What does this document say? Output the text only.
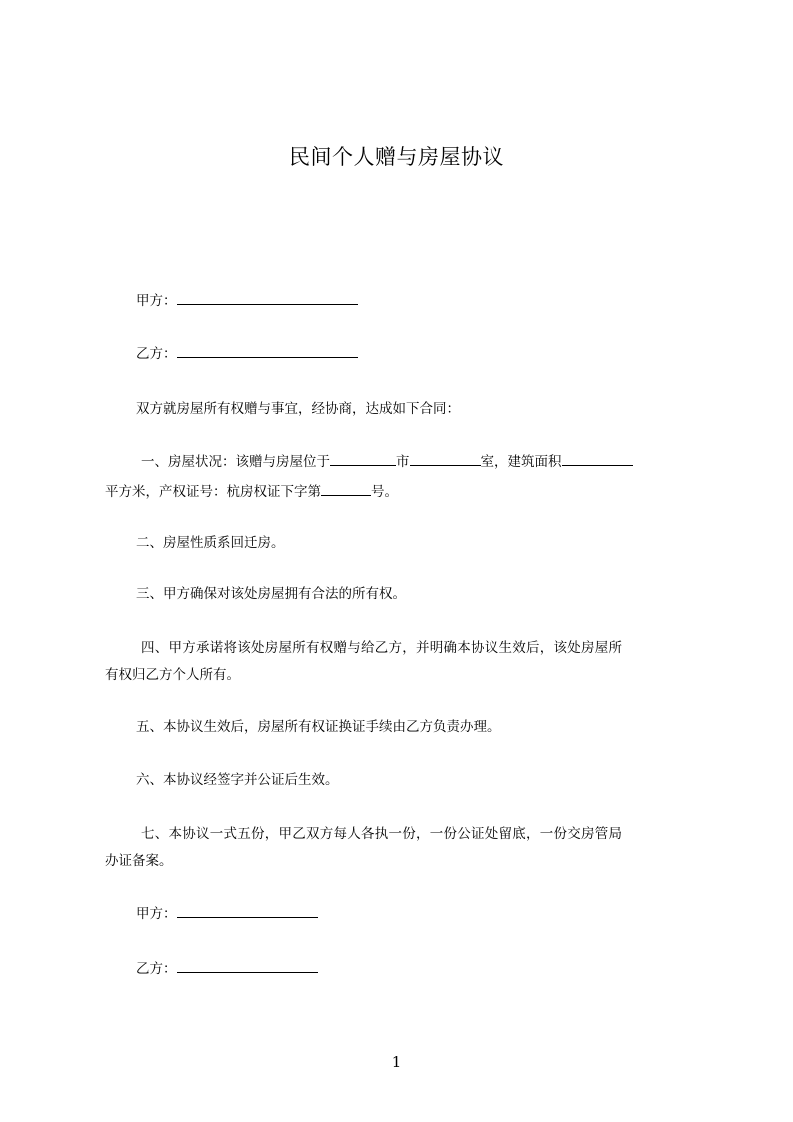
民间个人赠与房屋协议
甲方：
乙方：
双方就房屋所有权赠与事宜，经协商，达成如下合同：
一、房屋状况：该赠与房屋位于	市	室，建筑面积
平方米，产权证号：杭房权证下字第	号。
二、房屋性质系回迁房。
三、甲方确保对该处房屋拥有合法的所有权。
四、甲方承诺将该处房屋所有权赠与给乙方，并明确本协议生效后，该处房屋所
有权归乙方个人所有。
五、本协议生效后，房屋所有权证换证手续由乙方负责办理。
六、本协议经签字并公证后生效。
七、本协议一式五份，甲乙双方每人各执一份，一份公证处留底，一份交房管局
办证备案。
甲方：
乙方：
1
